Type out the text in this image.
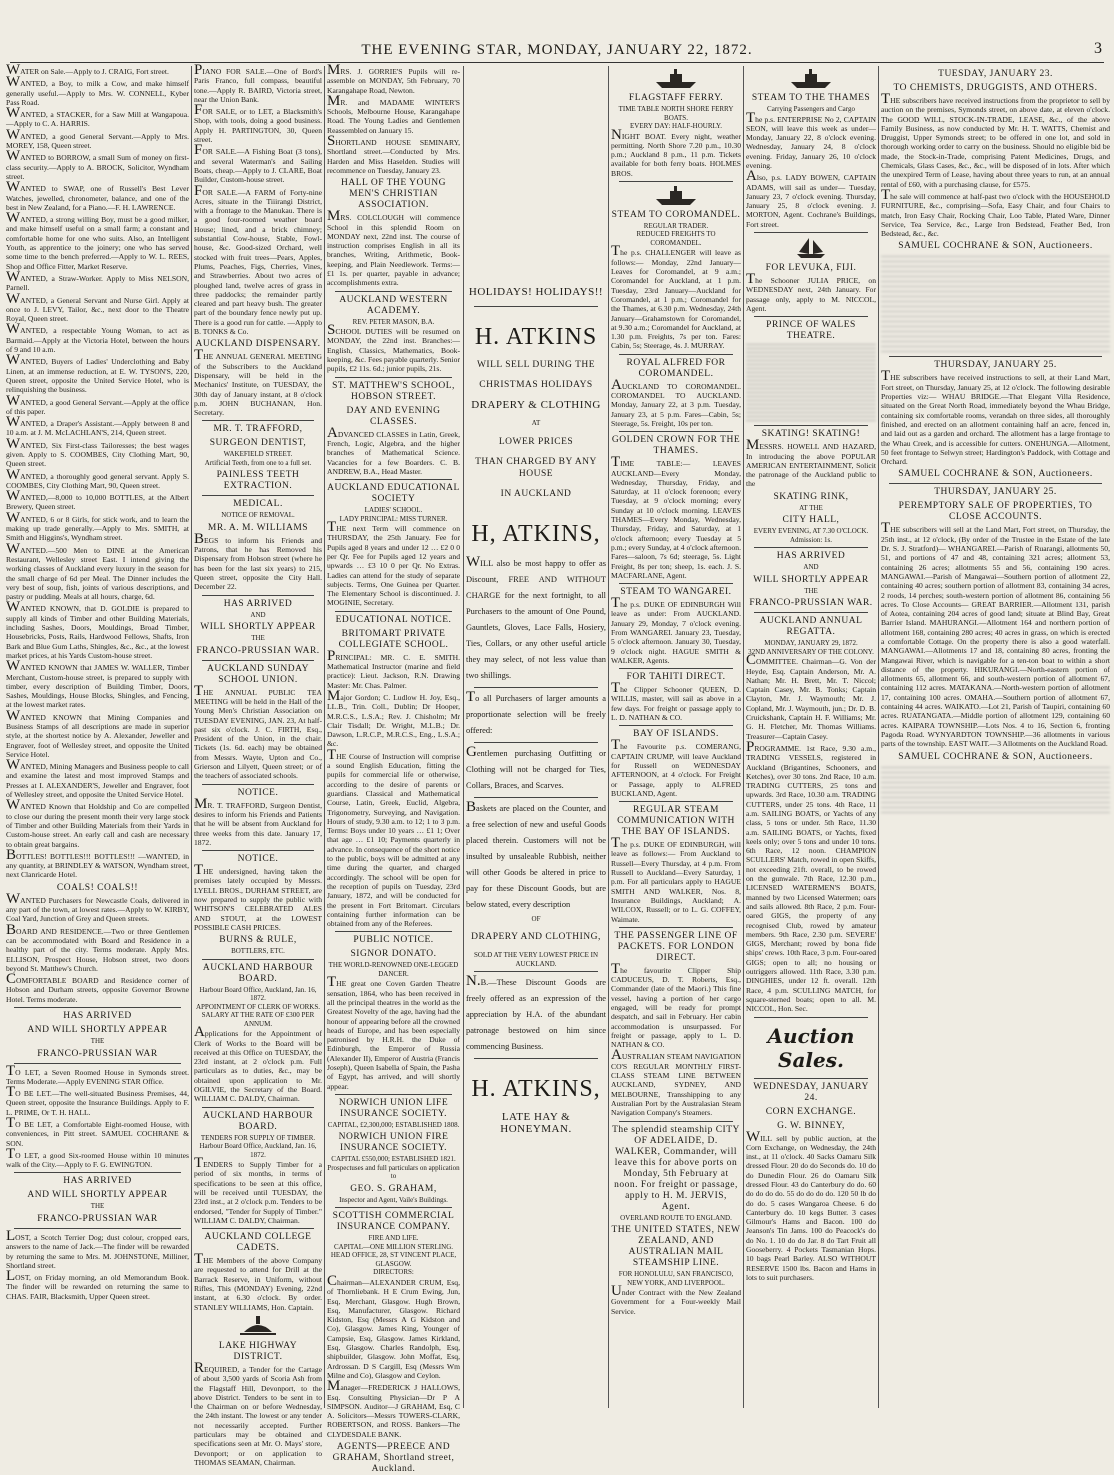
THE EVENING STAR, MONDAY, JANUARY 22, 1872.	3

WATER on Sale.—Apply to J. CRAIG, Fort street.

WANTED, a Boy, to milk a Cow, and make himself generally useful.—Apply to Mrs. W. CONNELL, Kyber Pass Road.

WANTED, a STACKER, for a Saw Mill at Wangapoua.—Apply to C. A. HARRIS.

WANTED, a good General Servant.—Apply to Mrs. MOREY, 158, Queen street.

WANTED to BORROW, a small Sum of money on first-class security.—Apply to A. BROCK, Solicitor, Wyndham street.

WANTED to SWAP, one of Russell's Best Lever Watches, jewelled, chronometer, balance, and one of the best in New Zealand, for a Piano.—F. H. LAWRENCE.

WANTED, a strong willing Boy, must be a good milker, and make himself useful on a small farm; a constant and comfortable home for one who suits. Also, an Intelligent Youth, as apprentice to the joinery; one who has served some time to the bench preferred.—Apply to W. L. REES, Shop and Office Fitter, Market Reserve.

WANTED, a Straw-Worker. Apply to Miss NELSON, Parnell.

WANTED, a General Servant and Nurse Girl. Apply at once to J. LEVY, Tailor, &c., next door to the Theatre Royal, Queen street.

WANTED, a respectable Young Woman, to act as Barmaid.—Apply at the Victoria Hotel, between the hours of 9 and 10 a.m.

WANTED, Buyers of Ladies' Underclothing and Baby Linen, at an immense reduction, at E. W. TYSON'S, 220, Queen street, opposite the United Service Hotel, who is relinquishing the business.

WANTED, a good General Servant.—Apply at the office of this paper.

WANTED, a Draper's Assistant.—Apply between 8 and 10 a.m. at J. M. McLACHLAN'S, 214, Queen street.

WANTED, Six First-class Tailoresses; the best wages given. Apply to S. COOMBES, City Clothing Mart, 90, Queen street.

WANTED, a thoroughly good general servant. Apply S. COOMBES, City Clothing Mart, 90, Queen street.

WANTED,—8,000 to 10,000 BOTTLES, at the Albert Brewery, Queen street.

WANTED, 6 or 8 Girls, for stick work, and to learn the making up trade generally.—Apply to Mrs. SMITH, at Smith and Higgins's, Wyndham street.

WANTED.—500 Men to DINE at the American Restaurant, Wellesley street East. I intend giving the working classes of Auckland every luxury in the season for the small charge of 6d per Meal. The Dinner includes the very best of soup, fish, joints of various descriptions, and pastry or pudding. Meals at all hours, charge, 6d.

WANTED KNOWN, that D. GOLDIE is prepared to supply all kinds of Timber and other Building Materials, including Sashes, Doors, Mouldings, Broad Timber, Housebricks, Posts, Rails, Hardwood Fellows, Shafts, Iron Bark and Blue Gum Laths, Shingles, &c., &c., at the lowest market prices, at his Yards Custom-house street.

WANTED KNOWN that JAMES W. WALLER, Timber Merchant, Custom-house street, is prepared to supply with timber, every description of Building Timber, Doors, Sashes, Mouldings, House Blocks, Shingles, and Fencing, at the lowest market rates.

WANTED KNOWN that Mining Companies and Business Stamps of all descriptions are made in superior style, at the shortest notice by A. Alexander, Jeweller and Engraver, foot of Wellesley street, and opposite the United Service Hotel.

WANTED, Mining Managers and Business people to call and examine the latest and most improved Stamps and Presses at I. ALEXANDER'S, Jeweller and Engraver, foot of Wellesley street, and opposite the United Service Hotel.

WANTED Known that Holdship and Co are compelled to close our during the present month their very large stock of Timber and other Building Materials from their Yards in Custom-house street. An early call and cash are necessary to obtain great bargains.

BOTTLES! BOTTLES!!! BOTTLES!!! —WANTED, in any quantity, at BRINDLEY & WATSON, Wyndham street, next Clanricarde Hotel.

COALS! COALS!!

WANTED Purchasers for Newcastle Coals, delivered in any part of the town, at lowest rates.—Apply to W. KIRBY, Coal Yard, Junction of Grey and Queen streets.

BOARD AND RESIDENCE.—Two or three Gentlemen can be accommodated with Board and Residence in a healthy part of the city. Terms moderate. Apply Mrs. ELLISON, Prospect House, Hobson street, two doors beyond St. Matthew's Church.

COMFORTABLE BOARD and Residence corner of Hobson and Durham streets, opposite Governor Browne Hotel. Terms moderate.

HAS ARRIVED

AND WILL SHORTLY APPEAR

THE

FRANCO-PRUSSIAN WAR

TO LET, a Seven Roomed House in Symonds street. Terms Moderate.—Apply EVENING STAR Office.

TO BE LET.—The well-situated Business Premises, 44, Queen street, opposite the Insurance Buildings. Apply to F. L. PRIME, Or T. H. HALL.

TO BE LET, a Comfortable Eight-roomed House, with conveniences, in Pitt street. SAMUEL COCHRANE & SON.

TO LET, a good Six-roomed House within 10 minutes walk of the City.—Apply to F. G. EWINGTON.

HAS ARRIVED

AND WILL SHORTLY APPEAR

THE

FRANCO-PRUSSIAN WAR

LOST, a Scotch Terrier Dog; dust colour, cropped ears, answers to the name of Jack.—The finder will be rewarded by returning the same to Mrs. M. JOHNSTONE, Milliner, Shortland street.

LOST, on Friday morning, an old Memorandum Book. The finder will be rewarded on returning the same to CHAS. FAIR, Blacksmith, Upper Queen street.

PIANO FOR SALE.—One of Bord's Paris Franco, full compass, beautiful tone.—Apply R. BAIRD, Victoria street, near the Union Bank.

FOR SALE, or to LET, a Blacksmith's Shop, with tools, doing a good business. Apply H. PARTINGTON, 30, Queen street.

FOR SALE.—A Fishing Boat (3 tons), and several Waterman's and Sailing Boats, cheap.—Apply to J. CLARE, Boat Builder, Custom-house street.

FOR SALE.—A FARM of Forty-nine Acres, situate in the Tiiirangi District, with a frontage to the Manukau. There is a good four-roomed weather board House; lined, and a brick chimney; substantial Cow-house, Stable, Fowl-house, &c. Good-sized Orchard, well stocked with fruit trees—Pears, Apples, Plums, Peaches, Figs, Cherries, Vines, and Strawberries. About two acres of ploughed land, twelve acres of grass in three paddocks; the remainder partly cleared and part heavy bush. The greater part of the boundary fence newly put up. There is a good run for cattle. —Apply to B. TONKS & Co.

AUCKLAND DISPENSARY.

THE ANNUAL GENERAL MEETING of the Subscribers to the Auckland Dispensary, will be held in the Mechanics' Institute, on TUESDAY, the 30th day of January instant, at 8 o'clock p.m. JOHN BUCHANAN, Hon. Secretary.

MR. T. TRAFFORD,

SURGEON DENTIST,

WAKEFIELD STREET.

Artificial Teeth, from one to a full set.

PAINLESS TEETH EXTRACTION.

MEDICAL.

NOTICE OF REMOVAL.

MR. A. M. WILLIAMS

BEGS to inform his Friends and Patrons, that he has Removed his Dispensary from Hobson street (where he has been for the last six years) to 215, Queen street, opposite the City Hall. December 22.

HAS ARRIVED

AND

WILL SHORTLY APPEAR

THE

FRANCO-PRUSSIAN WAR.

AUCKLAND SUNDAY SCHOOL UNION.

THE ANNUAL PUBLIC TEA MEETING will be held in the Hall of the Young Men's Christian Association on TUESDAY EVENING, JAN. 23, At half-past six o'clock. J. C. FIRTH, Esq., President of the Union, in the chair. Tickets (1s. 6d. each) may be obtained from Messrs. Wayte, Upton and Co., Grierson and Lilyett, Queen street; or of the teachers of associated schools.

NOTICE.

MR. T. TRAFFORD, Surgeon Dentist, desires to inform his Friends and Patients that he will be absent from Auckland for three weeks from this date. January 17, 1872.

NOTICE.

THE undersigned, having taken the premises lately occupied by Messrs. LYELL BROS., DURHAM STREET, are now prepared to supply the public with WHITSON'S CELEBRATED ALES AND STOUT, at the LOWEST POSSIBLE CASH PRICES.

BURNS & RULE,

BOTTLERS, ETC.

AUCKLAND HARBOUR BOARD.

Harbour Board Office, Auckland, Jan. 16, 1872.

APPOINTMENT OF CLERK OF WORKS.

SALARY AT THE RATE OF £300 PER ANNUM.

Applications for the Appointment of Clerk of Works to the Board will be received at this Office on TUESDAY, the 23rd instant, at 2 o'clock p.m. Full particulars as to duties, &c., may be obtained upon application to Mr. OGILVIE, the Secretary of the Board. WILLIAM C. DALDY, Chairman.

AUCKLAND HARBOUR BOARD.

TENDERS FOR SUPPLY OF TIMBER.

Harbour Board Office, Auckland, Jan. 16, 1872.

TENDERS to Supply Timber for a period of six months, in terms of specifications to be seen at this office, will be received until TUESDAY, the 23rd inst., at 2 o'clock p.m. Tenders to be endorsed, "Tender for Supply of Timber." WILLIAM C. DALDY, Chairman.

AUCKLAND COLLEGE CADETS.

THE Members of the above Company are requested to attend for Drill at the Barrack Reserve, in Uniform, without Rifles, This (MONDAY) Evening, 22nd instant, at 6.30 o'clock. By order. STANLEY WILLIAMS, Hon. Captain.

LAKE HIGHWAY DISTRICT.

REQUIRED, a Tender for the Cartage of about 3,500 yards of Scoria Ash from the Flagstaff Hill, Devonport, to the above District. Tenders to be sent in to the Chairman on or before Wednesday, the 24th instant. The lowest or any tender not necessarily accepted. Further particulars may be obtained and specifications seen at Mr. O. Mays' store, Devonport; or on application to THOMAS SEAMAN, Chairman.

MRS. J. GORRIE'S Pupils will re-assemble on MONDAY, 5th February, 70 Karangahape Road, Newton.

MR. and MADAME WINTER'S Schools, Melbourne House, Karangahape Road. The Young Ladies and Gentlemen Reassembled on January 15.

SHORTLAND HOUSE SEMINARY, Shortland street.—Conducted by Mrs. Harden and Miss Haselden. Studies will recommence on Tuesday, January 23.

HALL OF THE YOUNG MEN'S CHRISTIAN ASSOCIATION.

MRS. COLCLOUGH will commence School in this splendid Room on MONDAY next, 22nd inst. The course of instruction comprises English in all its branches, Writing, Arithmetic, Book-keeping, and Plain Needlework. Terms:—£1 1s. per quarter, payable in advance; accomplishments extra.

AUCKLAND WESTERN ACADEMY.

REV. PETER MASON, B.A.

SCHOOL DUTIES will be resumed on MONDAY, the 22nd inst. Branches:—English, Classics, Mathematics, Book-keeping, &c. Fees payable quarterly. Senior pupils, £2 11s. 6d.; junior pupils, 21s.

ST. MATTHEW'S SCHOOL, HOBSON STREET.

DAY AND EVENING CLASSES.

ADVANCED CLASSES in Latin, Greek, French, Logic, Algebra, and the higher branches of Mathematical Science. Vacancies for a few Boarders. C. B. ANDREW, B.A., Head Master.

AUCKLAND EDUCATIONAL SOCIETY

LADIES' SCHOOL.

LADY PRINCIPAL: MISS TURNER.

THE next Term will commence on THURSDAY, the 25th January. Fee for Pupils aged 8 years and under 12 … £2 0 0 per Qr. Fee for Pupils aged 12 years and upwards … £3 10 0 per Qr. No Extras. Ladies can attend for the study of separate subjects. Terms, One Guinea per Quarter. The Elementary School is discontinued. J. MOGINIE, Secretary.

EDUCATIONAL NOTICE.

BRITOMART PRIVATE COLLEGIATE SCHOOL.

PRINCIPAL: MR. C. E. SMITH. Mathematical Instructor (marine and field practice): Lieut. Jackson, R.N. Drawing Master: Mr. Chas. Palmer.

Major Gordon; C. Ludlow H. Joy, Esq., LL.B., Trin. Coll., Dublin; Dr Hooper, M.R.C.S., L.S.A.; Rev. J. Chisholm; Mr Clair Tisdall; Dr. Wright, M.L.B.; Dr. Dawson, L.R.C.P., M.R.C.S., Eng., L.S.A.; &c.

THE Course of Instruction will comprise a sound English Education, fitting the pupils for commercial life or otherwise, according to the desire of parents or guardians. Classical and Mathematical Course, Latin, Greek, Euclid, Algebra, Trigonometry, Surveying, and Navigation. Hours of study, 9.30 a.m. to 12; 1 to 3 p.m. Terms: Boys under 10 years … £1 1; Over that age … £1 10; Payments quarterly in advance. In consequence of the short notice to the public, boys will be admitted at any time during the quarter, and charged accordingly. The school will be open for the reception of pupils on Tuesday, 23rd January, 1872, and will be conducted for the present in Fort Britomart. Circulars containing further information can be obtained from any of the Referees.

PUBLIC NOTICE.

SIGNOR DONATO.

THE WORLD-RENOWNED ONE-LEGGED DANCER.

THE great one Coven Garden Theatre sensation, 1864, who has been received in all the principal theatres in the world as the Greatest Novelty of the age, having had the honour of appearing before all the crowned heads of Europe, and has been especially patronised by H.R.H. the Duke of Edinburgh, the Emperor of Russia (Alexander II), Emperor of Austria (Francis Joseph), Queen Isabella of Spain, the Pasha of Egypt, has arrived, and will shortly appear.

NORWICH UNION LIFE INSURANCE SOCIETY.

CAPITAL, £2,300,000; ESTABLISHED 1808.

NORWICH UNION FIRE INSURANCE SOCIETY.

CAPITAL £550,000; ESTABLISHED 1821.

Prospectuses and full particulars on application to

GEO. S. GRAHAM,

Inspector and Agent, Vaile's Buildings.

SCOTTISH COMMERCIAL INSURANCE COMPANY.

FIRE AND LIFE.

CAPITAL—ONE MILLION STERLING.

HEAD OFFICE, 28, ST VINCENT PLACE, GLASGOW.

DIRECTORS:

Chairman—ALEXANDER CRUM, Esq, of Thornliebank. H E Crum Ewing, Jun, Esq, Merchant, Glasgow. Hugh Brown, Esq, Manufacturer, Glasgow. Richard Kidston, Esq (Messrs A G Kidston and Co), Glasgow. James King, Younger of Campsie, Esq, Glasgow. James Kirkland, Esq, Glasgow. Charles Randolph, Esq, shipbuilder, Glasgow. John Moffat, Esq, Ardrossan. D S Cargill, Esq (Messrs Wm Milne and Co), Glasgow and Ceylon.

Manager—FREDERICK J HALLOWS, Esq. Consulting Physician—Dr P A SIMPSON. Auditor—J GRAHAM, Esq, C A. Solicitors—Messrs TOWERS-CLARK, ROBERTSON, and ROSS. Bankers—The CLYDESDALE BANK.

AGENTS—PREECE AND GRAHAM, Shortland street, Auckland.

HOLIDAYS! HOLIDAYS!!

H. ATKINS

WILL SELL DURING THE

CHRISTMAS HOLIDAYS

DRAPERY & CLOTHING

AT

LOWER PRICES

THAN CHARGED BY ANY HOUSE

IN AUCKLAND

H, ATKINS,

WILL also be most happy to offer as Discount, FREE AND WITHOUT CHARGE for the next fortnight, to all Purchasers to the amount of One Pound, Gauntlets, Gloves, Lace Falls, Hosiery, Ties, Collars, or any other useful article they may select, of not less value than two shillings.

To all Purchasers of larger amounts a proportionate selection will be freely offered:

Gentlemen purchasing Outfitting or Clothing will not be charged for Ties, Collars, Braces, and Scarves.

Baskets are placed on the Counter, and a free selection of new and useful Goods placed therein. Customers will not be insulted by unsaleable Rubbish, neither will other Goods be altered in price to pay for these Discount Goods, but are below stated, every description

OF

DRAPERY AND CLOTHING,

SOLD AT THE VERY LOWEST PRICE IN AUCKLAND.

N.B.—These Discount Goods are freely offered as an expression of the appreciation by H.A. of the abundant patronage bestowed on him since commencing Business.

H. ATKINS,

LATE HAY & HONEYMAN.

FLAGSTAFF FERRY.

TIME TABLE NORTH SHORE FERRY BOATS.

EVERY DAY: HALF-HOURLY.

NIGHT BOAT. Every night, weather permitting. North Shore 7.20 p.m., 10.30 p.m.; Auckland 8 p.m., 11 p.m. Tickets available for both ferry boats. HOLMES BROS.

STEAM TO COROMANDEL.

REGULAR TRADER.

REDUCED FREIGHTS TO COROMANDEL.

The p.s. CHALLENGER will leave as follows:— Monday, 22nd January—Leaves for Coromandel, at 9 a.m.; Coromandel for Auckland, at 1 p.m. Tuesday, 23rd January—Auckland for Coromandel, at 1 p.m.; Coromandel for the Thames, at 6.30 p.m. Wednesday, 24th January—Grahamstown for Coromandel, at 9.30 a.m.; Coromandel for Auckland, at 1.30 p.m. Freights, 7s per ton. Fares: Cabin, 5s; Steerage, 4s. J. MURRAY.

ROYAL ALFRED FOR COROMANDEL.

AUCKLAND TO COROMANDEL. COROMANDEL TO AUCKLAND. Monday, January 22, at 3 p.m. Tuesday, January 23, at 5 p.m. Fares—Cabin, 5s; Steerage, 5s. Freight, 10s per ton.

GOLDEN CROWN FOR THE THAMES.

TIME TABLE:— LEAVES AUCKLAND—Every Monday, Wednesday, Thursday, Friday, and Saturday, at 11 o'clock forenoon; every Tuesday, at 9 o'clock morning; every Sunday at 10 o'clock morning. LEAVES THAMES—Every Monday, Wednesday, Thursday, Friday, and Saturday, at 1 o'clock afternoon; every Tuesday at 5 p.m.; every Sunday, at 4 o'clock afternoon. Fares—saloon, 7s 6d; steerage, 5s. Light Freight, 8s per ton; sheep, 1s. each. J. S. MACFARLANE, Agent.

STEAM TO WANGAREI.

The p.s. DUKE OF EDINBURGH Will leave as under: From AUCKLAND. January 29, Monday, 7 o'clock evening. From WANGAREI. January 23, Tuesday, 5 o'clock afternoon. January 30, Tuesday, 9 o'clock night. HAGUE SMITH & WALKER, Agents.

FOR TAHITI DIRECT.

The Clipper Schooner QUEEN, D. WILLIS, master, will sail as above in a few days. For freight or passage apply to L. D. NATHAN & CO.

BAY OF ISLANDS.

The Favourite p.s. COMERANG, CAPTAIN CRUMP, will leave Auckland for Russell on WEDNESDAY AFTERNOON, at 4 o'clock. For Freight or Passage, apply to ALFRED BUCKLAND, Agent.

REGULAR STEAM COMMUNICATION WITH THE BAY OF ISLANDS.

The p.s. DUKE OF EDINBURGH, will leave as follows:— From Auckland to Russell—Every Thursday, at 4 p.m. From Russell to Auckland—Every Saturday, 1 p.m. For all particulars apply to HAGUE SMITH AND WALKER, Nos. 8, Insurance Buildings, Auckland; A. WILCOX, Russell; or to L. G. COFFEY, Waimate.

THE PASSENGER LINE OF PACKETS. FOR LONDON DIRECT.

The favourite Clipper Ship CADUCEUS, D. T. Roberts, Esq., Commander (late of the Maori.) This fine vessel, having a portion of her cargo engaged, will be ready for prompt despatch, and sail in February. Her cabin accommodation is unsurpassed. For freight or passage, apply to L. D. NATHAN & CO.

AUSTRALIAN STEAM NAVIGATION CO'S REGULAR MONTHLY FIRST-CLASS STEAM LINE BETWEEN AUCKLAND, SYDNEY, AND MELBOURNE, Transshipping to any Australian Port by the Australasian Steam Navigation Company's Steamers.

The splendid steamship CITY OF ADELAIDE, D. WALKER, Commander, will leave this for above ports on Monday, 5th February at noon. For freight or passage, apply to H. M. JERVIS, Agent.

OVERLAND ROUTE TO ENGLAND.

THE UNITED STATES, NEW ZEALAND, AND AUSTRALIAN MAIL STEAMSHIP LINE.

FOR HONOLULU, SAN FRANCISCO, NEW YORK, AND LIVERPOOL.

Under Contract with the New Zealand Government for a Four-weekly Mail Service.

STEAM TO THE THAMES

Carrying Passengers and Cargo

The p.s. ENTERPRISE No 2, CAPTAIN SEON, will leave this week as under— Monday, January 22, 8 o'clock evening. Wednesday, January 24, 8 o'clock evening. Friday, January 26, 10 o'clock evening.

Also, p.s. LADY BOWEN, CAPTAIN ADAMS, will sail as under— Tuesday, January 23, 7 o'clock evening. Thursday, January 25, 8 o'clock evening. J. MORTON, Agent. Cochrane's Buildings, Fort street.

FOR LEVUKA, FIJI.

The Schooner JULIA PRICE, on WEDNESDAY next, 24th January. For passage only, apply to M. NICCOL, Agent.

PRINCE OF WALES THEATRE.

SKATING! SKATING!

MESSRS. HOWELL AND HAZARD, In introducing the above POPULAR AMERICAN ENTERTAINMENT, Solicit the patronage of the Auckland public to the

SKATING RINK,

AT THE

CITY HALL,

EVERY EVENING, AT 7.30 O'CLOCK.

Admission: 1s.

HAS ARRIVED

AND

WILL SHORTLY APPEAR

THE

FRANCO-PRUSSIAN WAR.

AUCKLAND ANNUAL REGATTA.

MONDAY, JANUARY 29, 1872.

32ND ANNIVERSARY OF THE COLONY.

COMMITTEE. Chairman—G. Von der Heyde, Esq. Captain Anderson, Mr. A. Nathan; Mr. H. Brett, Mr. T. Niccol; Captain Casey, Mr. B. Tonks; Captain Clayton, Mr. J. Waymouth; Mr. J. Copland, Mr. J. Waymouth, jun.; Dr. D. B. Cruickshank, Captain H. F. Williams; Mr. G. H. Fletcher, Mr. Thomas Williams. Treasurer—Captain Casey.

PROGRAMME. 1st Race, 9.30 a.m., TRADING VESSELS, registered in Auckland (Brigantines, Schooners, and Ketches), over 30 tons. 2nd Race, 10 a.m. TRADING CUTTERS, 25 tons and upwards. 3rd Race, 10.30 a.m. TRADING CUTTERS, under 25 tons. 4th Race, 11 a.m. SAILING BOATS, or Yachts of any class, 5 tons or under. 5th Race, 11.30 a.m. SAILING BOATS, or Yachts, fixed keels only; over 5 tons and under 10 tons. 6th Race, 12 noon. CHAMPION SCULLERS' Match, rowed in open Skiffs, not exceeding 21ft. overall, to be rowed on the gunwale. 7th Race, 12.30 p.m., LICENSED WATERMEN'S BOATS, manned by two Licensed Watermen; oars and sails allowed. 8th Race, 2 p.m. Four-oared GIGS, the property of any recognised Club, rowed by amateur members. 9th Race, 2.30 p.m. SEVERE' GIGS, Merchant; rowed by bona fide ships' crews. 10th Race, 3 p.m. Four-oared GIGS; open to all; no housing or outriggers allowed. 11th Race, 3.30 p.m. DINGHIES, under 12 ft. overall. 12th Race, 4 p.m. SCULLING MATCH, for square-sterned boats; open to all. M. NICCOL, Hon. Sec.

Auction Sales.

WEDNESDAY, JANUARY 24.

CORN EXCHANGE.

G. W. BINNEY,

WILL sell by public auction, at the Corn Exchange, on Wednesday, the 24th inst., at 11 o'clock. 40 Sacks Oamaru Silk dressed Flour. 20 do do Seconds do. 10 do do Dunedin Flour. 26 do Oamaru Silk dressed Flour. 43 do Canterbury do do. 60 do do do do. 55 do do do do. 120 50 lb do do do. 5 cases Wangaroa Cheese. 6 do Canterbury do. 10 kegs Butter. 3 cases Gilmour's Hams and Bacon. 100 do Jeanson's Tin Jams. 100 do Peacock's do do No. 1. 10 do do Jar. 8 do Tart Fruit all Gooseberry. 4 Pockets Tasmanian Hops. 10 bags Pearl Barley. ALSO WITHOUT RESERVE 1500 lbs. Bacon and Hams in lots to suit purchasers.

TUESDAY, JANUARY 23.

TO CHEMISTS, DRUGGISTS, AND OTHERS.

THE subscribers have received instructions from the proprietor to sell by auction on the premises, Symonds street, on above date, at eleven o'clock. The GOOD WILL, STOCK-IN-TRADE, LEASE, &c., of the above Family Business, as now conducted by Mr. H. T. WATTS, Chemist and Druggist, Upper Symonds street; to be offered in one lot, and sold in thorough working order to carry on the business. Should no eligible bid be made, the Stock-in-Trade, comprising Patent Medicines, Drugs, and Chemicals, Glass Cases, &c., &c., will be disposed of in lots. After which the unexpired Term of Lease, having about three years to run, at an annual rental of £60, with a purchasing clause, for £575.

The sale will commence at half-past two o'clock with the HOUSEHOLD FURNITURE, &c., comprising—Sofa, Easy Chair, and four Chairs to match, Iron Easy Chair, Rocking Chair, Loo Table, Plated Ware, Dinner Service, Tea Service, &c., Large Iron Bedstead, Feather Bed, Iron Bedstead, &c., &c.

SAMUEL COCHRANE & SON, Auctioneers.

THURSDAY, JANUARY 25.

THE subscribers have received instructions to sell, at their Land Mart, Fort street, on Thursday, January 25, at 12 o'clock. The following desirable Properties viz:— WHAU BRIDGE.—That Elegant Villa Residence, situated on the Great North Road, immediately beyond the Whau Bridge, containing six comfortable rooms, verandah on three sides, all thoroughly finished, and erected on an allotment containing half an acre, fenced in, and laid out as a garden and orchard. The allotment has a large frontage to the Whau Creek, and is accessible for cutters. ONEHUNGA.—Allotment, 50 feet frontage to Selwyn street; Hardington's Paddock, with Cottage and Orchard.

SAMUEL COCHRANE & SON, Auctioneers.

THURSDAY, JANUARY 25.

PEREMPTORY SALE OF PROPERTIES, TO CLOSE ACCOUNTS.

THE subscribers will sell at the Land Mart, Fort street, on Thursday, the 25th inst., at 12 o'clock, (By order of the Trustee in the Estate of the late Dr. S. J. Stratford)— WHANGAREI.—Parish of Ruarangi, allotments 50, 51, and portions of 47 and 48, containing 321 acres; allotment 53, containing 26 acres; allotments 55 and 56, containing 190 acres. MANGAWAI.—Parish of Mangawai—Southern portion of allotment 22, containing 40 acres; southern portion of allotment 83, containing 34 acres, 2 roods, 14 perches; south-western portion of allotment 86, containing 56 acres. To Close Accounts— GREAT BARRIER.—Allotment 131, parish of Aotea, containing 204 acres of good land; situate at Blind Bay, Great Barrier Island. MAHURANGI.—Allotment 164 and northern portion of allotment 168, containing 280 acres; 40 acres in grass, on which is erected a comfortable Cottage. On the property there is also a good waterfall. MANGAWAI.—Allotments 17 and 18, containing 80 acres, fronting the Mangawai River, which is navigable for a ten-ton boat to within a short distance of the property. HIKURANGI.—North-eastern portion of allotments 65, allotment 66, and south-western portion of allotment 67, containing 112 acres. MATAKANA.—North-western portion of allotment 17, containing 100 acres. OMAHA.—Southern portion of allotment 67, containing 44 acres. WAIKATO.—Lot 21, Parish of Taupiri, containing 60 acres. RUATANGATA.—Middle portion of allotment 129, containing 60 acres. KAIPARA TOWNSHIP.—Lots Nos. 4 to 16, Section 6, fronting Pagoda Road. WYNYARDTON TOWNSHIP.—36 allotments in various parts of the township. EAST WAIT.—3 Allotments on the Auckland Road.

SAMUEL COCHRANE & SON, Auctioneers.
